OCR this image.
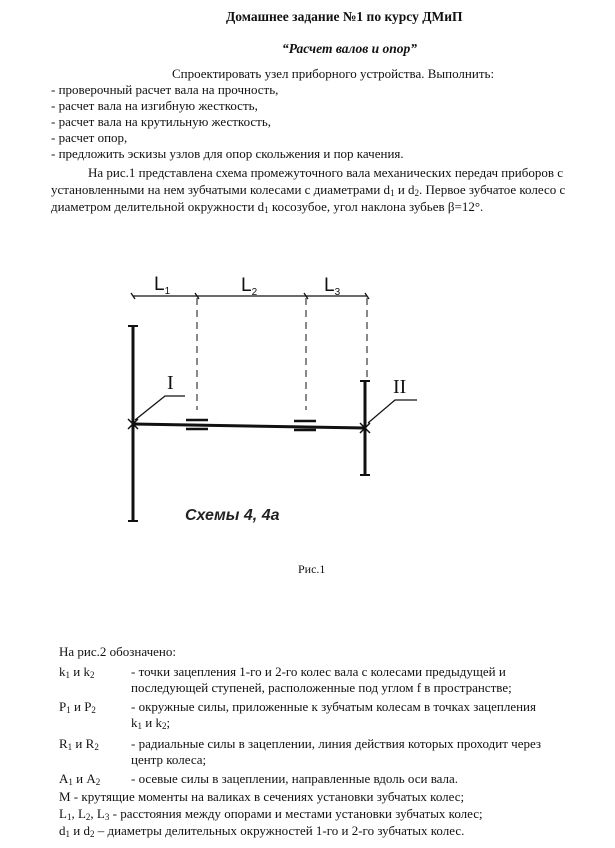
Домашнее задание №1 по курсу ДМиП
“Расчет валов и опор”
Спроектировать узел приборного устройства. Выполнить:
- проверочный расчет вала на прочность,
- расчет вала на изгибную жесткость,
- расчет вала на крутильную жесткость,
- расчет опор,
- предложить эскизы узлов для опор скольжения и пор качения.
На рис.1 представлена схема промежуточного вала механических передач приборов с
установленными на нем зубчатыми колесами с диаметрами $d_1$ и $d_2$. Первое зубчатое колесо с
диаметром делительной окружности $d_1$ косозубое, угол наклона зубьев β=12°.
$L_1$	$L_2$	$L_3$
I	II
Схемы 4, 4а
Рис.1
На рис.2 обозначено:
$k_1$ и $k_2$	- точки зацепления 1-го и 2-го колес вала с колесами предыдущей и
последующей ступеней, расположенные под углом f в пространстве;
$P_1$ и $P_2$	- окружные силы, приложенные к зубчатым колесам в точках зацепления
$k_1$ и $k_2$;
$R_1$ и $R_2$ - радиальные силы в зацеплении, линия действия которых проходит через
центр колеса;
$A_1$ и $A_2$ - осевые силы в зацеплении, направленные вдоль оси вала.
М - крутящие моменты на валиках в сечениях установки зубчатых колес;
$L_1$, $L_2$, $L_3$ - расстояния между опорами и местами установки зубчатых колес;
$d_1$ и $d_2$ – диаметры делительных окружностей 1-го и 2-го зубчатых колес.
